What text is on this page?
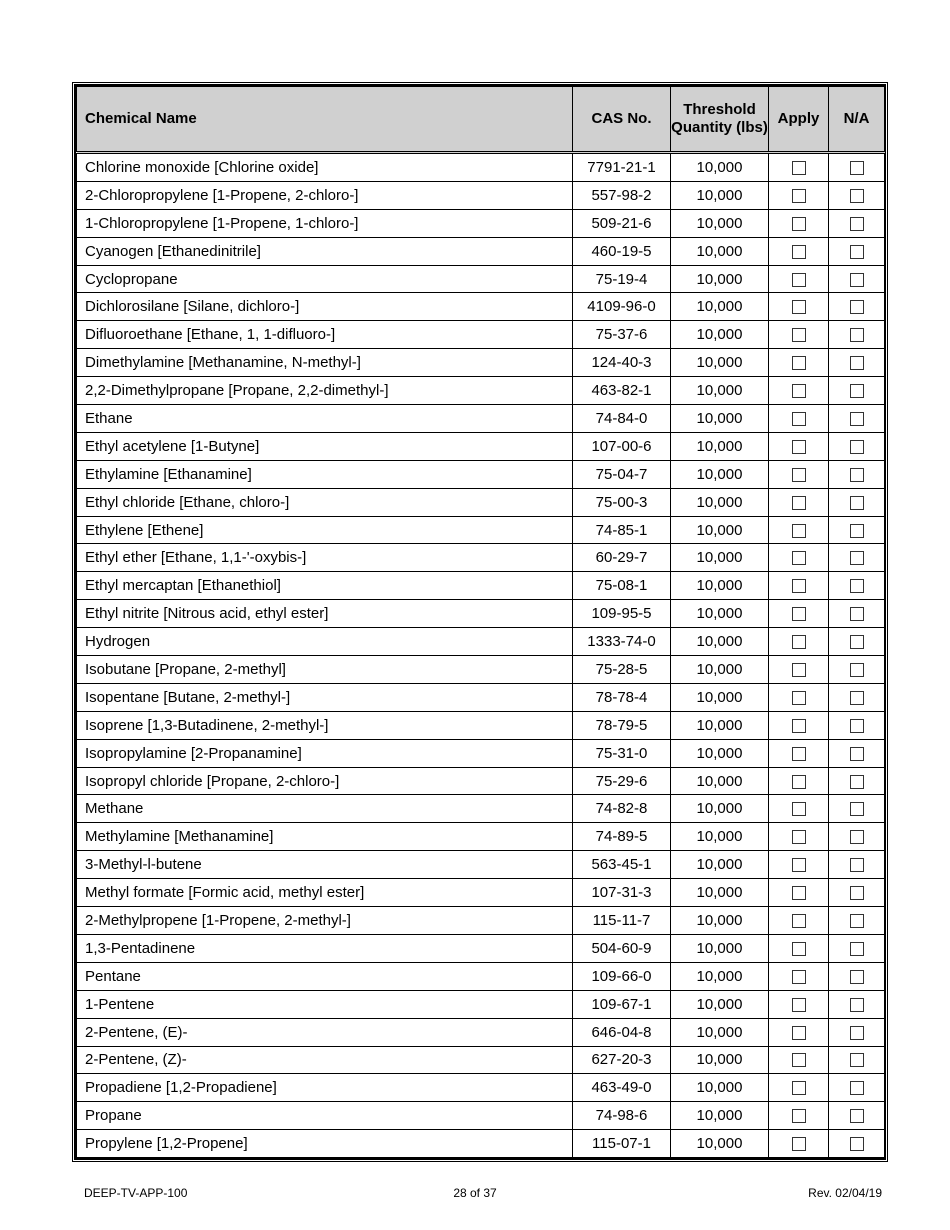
Chemical Name	CAS No.	Threshold Quantity (lbs)	Apply	N/A
Chlorine monoxide [Chlorine oxide]	7791-21-1	10,000		
2-Chloropropylene [1-Propene, 2-chloro-]	557-98-2	10,000		
1-Chloropropylene [1-Propene, 1-chloro-]	509-21-6	10,000		
Cyanogen [Ethanedinitrile]	460-19-5	10,000		
Cyclopropane	75-19-4	10,000		
Dichlorosilane [Silane, dichloro-]	4109-96-0	10,000		
Difluoroethane [Ethane, 1, 1-difluoro-]	75-37-6	10,000		
Dimethylamine [Methanamine, N-methyl-]	124-40-3	10,000		
2,2-Dimethylpropane [Propane, 2,2-dimethyl-]	463-82-1	10,000		
Ethane	74-84-0	10,000		
Ethyl acetylene [1-Butyne]	107-00-6	10,000		
Ethylamine [Ethanamine]	75-04-7	10,000		
Ethyl chloride [Ethane, chloro-]	75-00-3	10,000		
Ethylene [Ethene]	74-85-1	10,000		
Ethyl ether [Ethane, 1,1-'-oxybis-]	60-29-7	10,000		
Ethyl mercaptan [Ethanethiol]	75-08-1	10,000		
Ethyl nitrite [Nitrous acid, ethyl ester]	109-95-5	10,000		
Hydrogen	1333-74-0	10,000		
Isobutane [Propane, 2-methyl]	75-28-5	10,000		
Isopentane [Butane, 2-methyl-]	78-78-4	10,000		
Isoprene [1,3-Butadinene, 2-methyl-]	78-79-5	10,000		
Isopropylamine [2-Propanamine]	75-31-0	10,000		
Isopropyl chloride [Propane, 2-chloro-]	75-29-6	10,000		
Methane	74-82-8	10,000		
Methylamine [Methanamine]	74-89-5	10,000		
3-Methyl-l-butene	563-45-1	10,000		
Methyl formate [Formic acid, methyl ester]	107-31-3	10,000		
2-Methylpropene [1-Propene, 2-methyl-]	115-11-7	10,000		
1,3-Pentadinene	504-60-9	10,000		
Pentane	109-66-0	10,000		
1-Pentene	109-67-1	10,000		
2-Pentene, (E)-	646-04-8	10,000		
2-Pentene, (Z)-	627-20-3	10,000		
Propadiene [1,2-Propadiene]	463-49-0	10,000		
Propane	74-98-6	10,000		
Propylene [1,2-Propene]	115-07-1	10,000		
DEEP-TV-APP-100	28 of 37	Rev. 02/04/19
